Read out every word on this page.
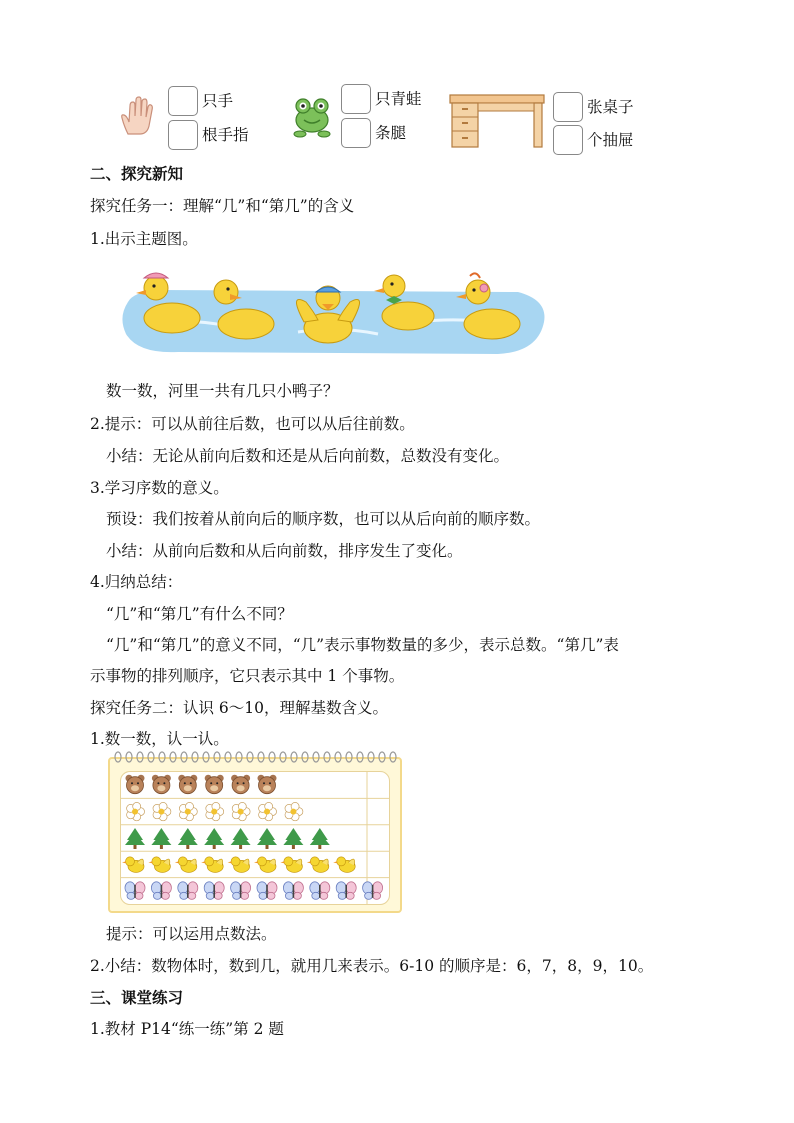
只手
根手指
只青蛙
条腿
张桌子
个抽屉
二、探究新知
探究任务一：理解“几”和“第几”的含义
1.出示主题图。
数一数，河里一共有几只小鸭子？
2.提示：可以从前往后数，也可以从后往前数。
小结：无论从前向后数和还是从后向前数，总数没有变化。
3.学习序数的意义。
预设：我们按着从前向后的顺序数，也可以从后向前的顺序数。
小结：从前向后数和从后向前数，排序发生了变化。
4.归纳总结：
“几”和“第几”有什么不同？
“几”和“第几”的意义不同，“几”表示事物数量的多少，表示总数。“第几”表
示事物的排列顺序，它只表示其中 1 个事物。
探究任务二：认识 6～10，理解基数含义。
1.数一数，认一认。
提示：可以运用点数法。
2.小结：数物体时，数到几，就用几来表示。6-10 的顺序是：6，7，8，9，10。
三、课堂练习
1.教材 P14“练一练”第 2 题
